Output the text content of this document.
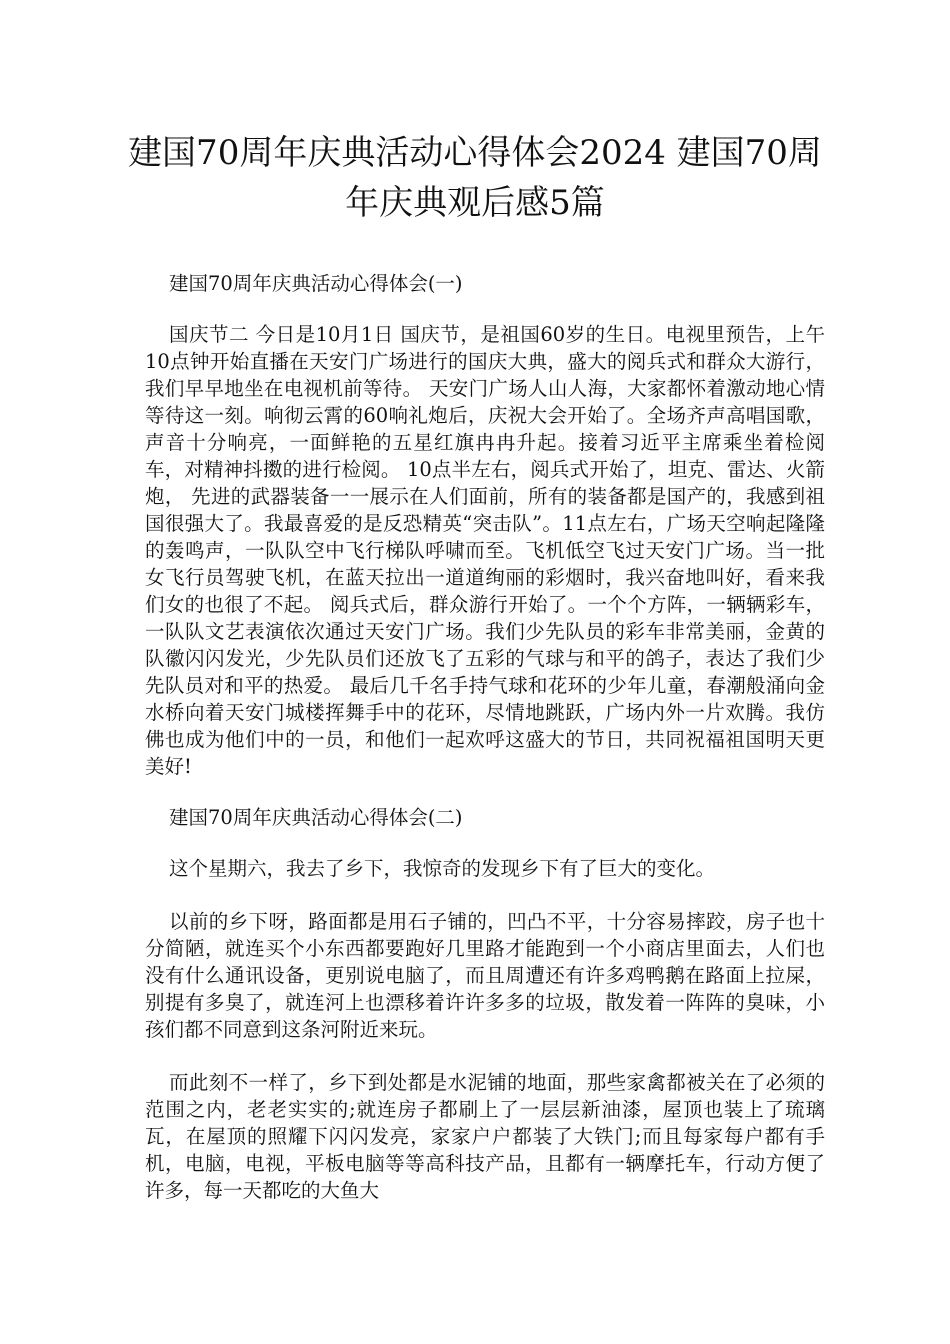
建国70周年庆典活动心得体会2024 建国70周年庆典观后感5篇
建国70周年庆典活动心得体会(一)

国庆节二 今日是10月1日 国庆节，是祖国60岁的生日。电视里预告，上午10点钟开始直播在天安门广场进行的国庆大典，盛大的阅兵式和群众大游行，我们早早地坐在电视机前等待。 天安门广场人山人海，大家都怀着激动地心情等待这一刻。响彻云霄的60响礼炮后，庆祝大会开始了。全场齐声高唱国歌，声音十分响亮，一面鲜艳的五星红旗冉冉升起。接着习近平主席乘坐着检阅车，对精神抖擞的进行检阅。 10点半左右，阅兵式开始了，坦克、雷达、火箭炮， 先进的武器装备一一展示在人们面前，所有的装备都是国产的，我感到祖国很强大了。我最喜爱的是反恐精英“突击队”。11点左右，广场天空响起隆隆的轰鸣声，一队队空中飞行梯队呼啸而至。飞机低空飞过天安门广场。当一批女飞行员驾驶飞机，在蓝天拉出一道道绚丽的彩烟时，我兴奋地叫好，看来我们女的也很了不起。 阅兵式后，群众游行开始了。一个个方阵，一辆辆彩车，一队队文艺表演依次通过天安门广场。我们少先队员的彩车非常美丽，金黄的队徽闪闪发光，少先队员们还放飞了五彩的气球与和平的鸽子，表达了我们少先队员对和平的热爱。 最后几千名手持气球和花环的少年儿童，春潮般涌向金水桥向着天安门城楼挥舞手中的花环，尽情地跳跃，广场内外一片欢腾。我仿佛也成为他们中的一员，和他们一起欢呼这盛大的节日，共同祝福祖国明天更美好!

建国70周年庆典活动心得体会(二)

这个星期六，我去了乡下，我惊奇的发现乡下有了巨大的变化。

以前的乡下呀，路面都是用石子铺的，凹凸不平，十分容易摔跤，房子也十分简陋，就连买个小东西都要跑好几里路才能跑到一个小商店里面去，人们也没有什么通讯设备，更别说电脑了，而且周遭还有许多鸡鸭鹅在路面上拉屎，别提有多臭了，就连河上也漂移着许许多多的垃圾，散发着一阵阵的臭味，小孩们都不同意到这条河附近来玩。

而此刻不一样了，乡下到处都是水泥铺的地面，那些家禽都被关在了必须的范围之内，老老实实的;就连房子都刷上了一层层新油漆，屋顶也装上了琉璃瓦，在屋顶的照耀下闪闪发亮，家家户户都装了大铁门;而且每家每户都有手机，电脑，电视，平板电脑等等高科技产品，且都有一辆摩托车，行动方便了许多，每一天都吃的大鱼大
